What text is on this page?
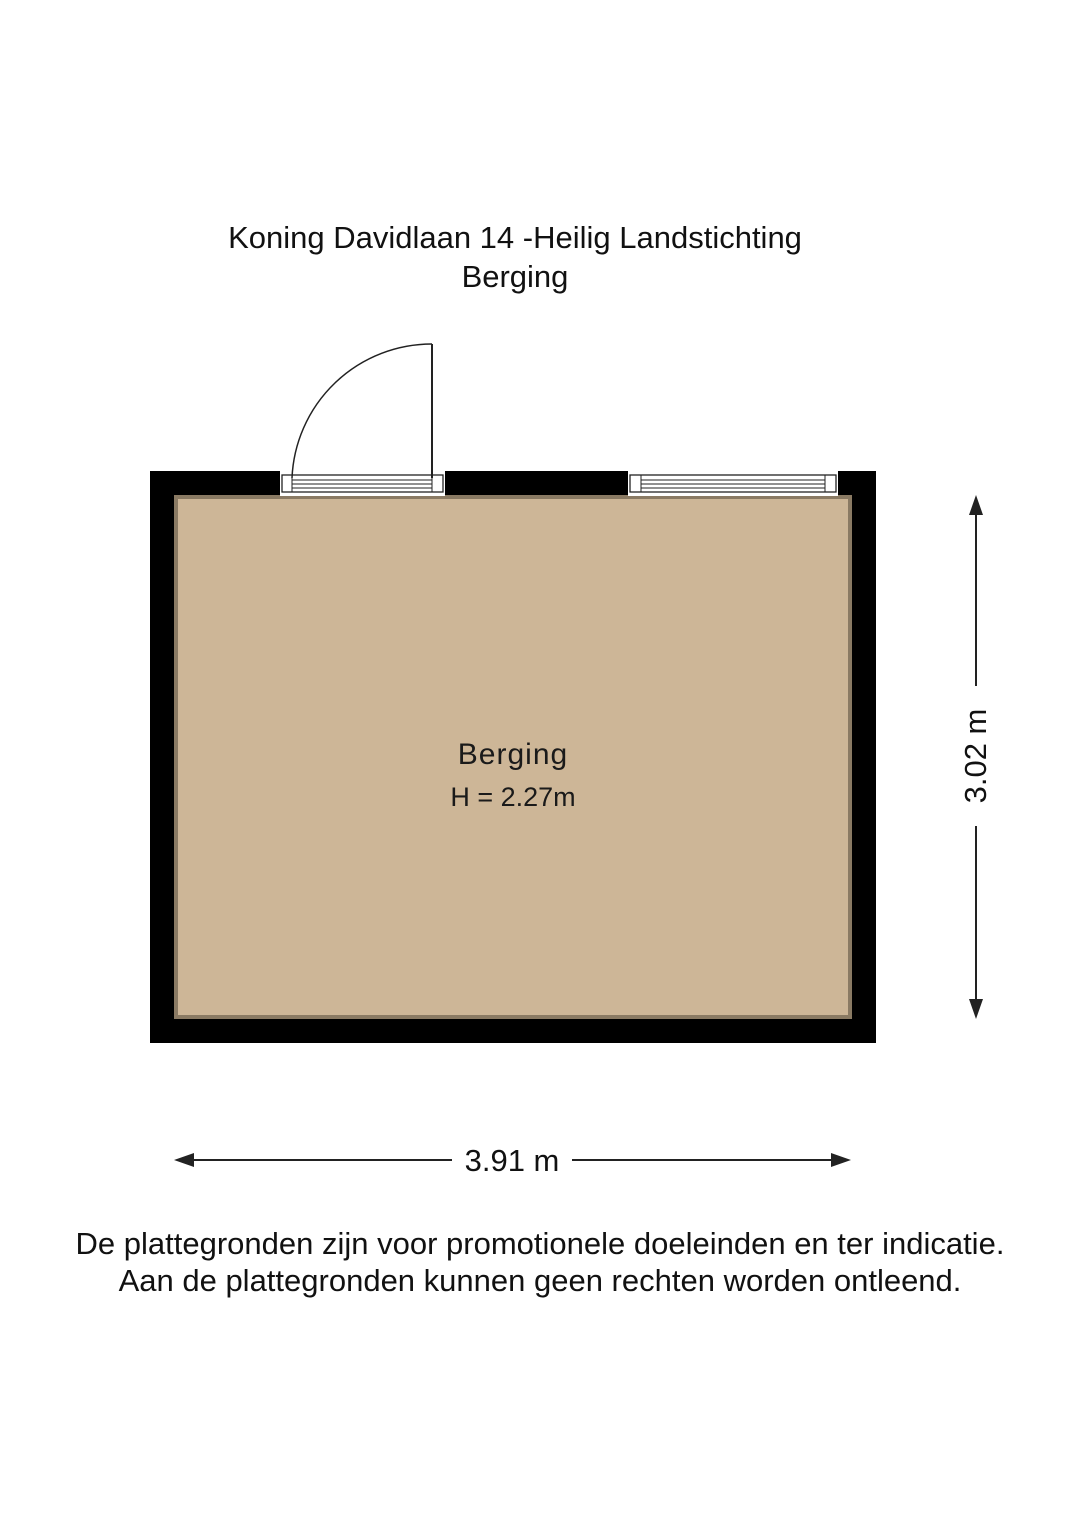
Koning Davidlaan 14 -Heilig Landstichting
Berging
Berging
H = 2.27m
3.91 m
3.02 m
De plattegronden zijn voor promotionele doeleinden en ter indicatie.
Aan de plattegronden kunnen geen rechten worden ontleend.
